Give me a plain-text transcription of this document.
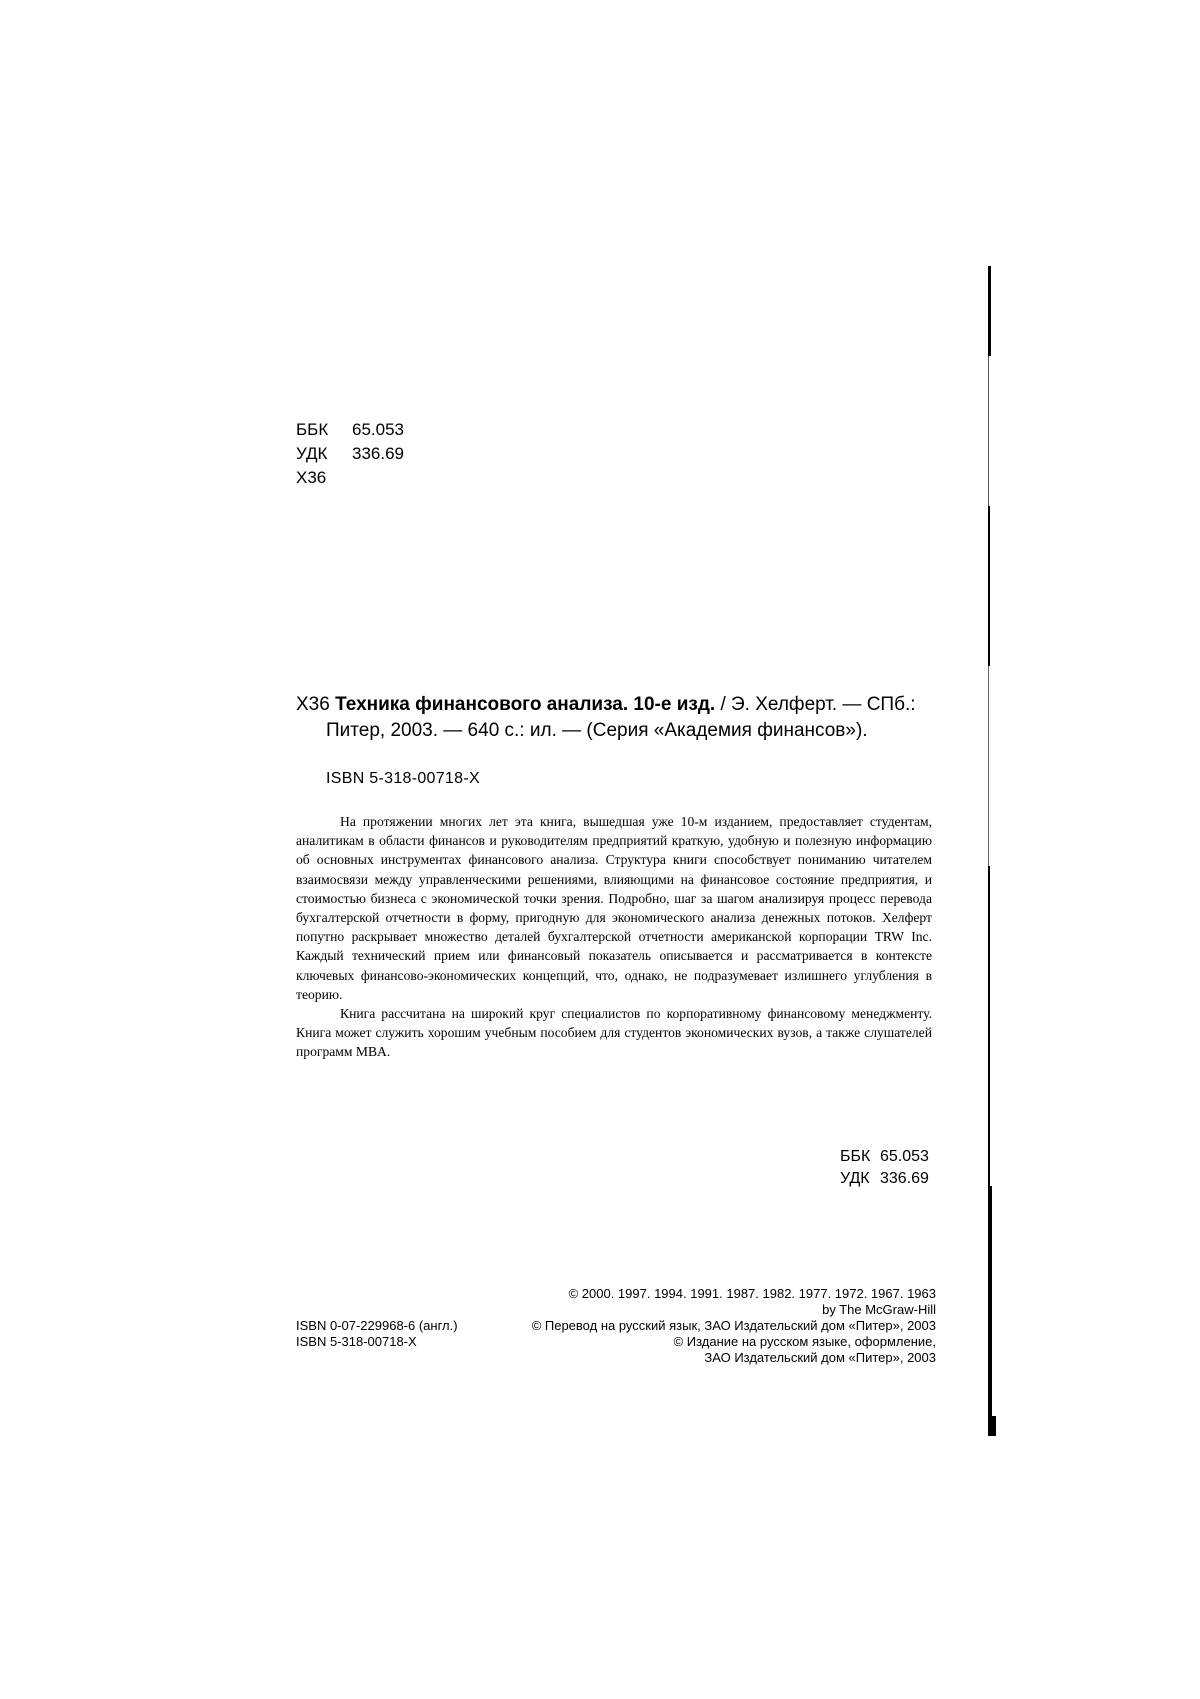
ББК	65.053
УДК	336.69
Х36
Х36 Техника финансового анализа. 10-е изд. / Э. Хелферт. — СПб.:
Питер, 2003. — 640 с.: ил. — (Серия «Академия финансов»).
ISBN 5-318-00718-X

На протяжении многих лет эта книга, вышедшая уже 10-м изданием, предоставляет студентам, аналитикам в области финансов и руководителям предприятий краткую, удобную и полезную информацию об основных инструментах финансового анализа. Структура книги способствует пониманию читателем взаимосвязи между управленческими решениями, влияющими на финансовое состояние предприятия, и стоимостью бизнеса с экономической точки зрения. Подробно, шаг за шагом анализируя процесс перевода бухгалтерской отчетности в форму, пригодную для экономического анализа денежных потоков. Хелферт попутно раскрывает множество деталей бухгалтерской отчетности американской корпорации TRW Inc. Каждый технический прием или финансовый показатель описывается и рассматривается в контексте ключевых финансово-экономических концепций, что, однако, не подразумевает излишнего углубления в теорию.

Книга рассчитана на широкий круг специалистов по корпоративному финансовому менеджменту. Книга может служить хорошим учебным пособием для студентов экономических вузов, а также слушателей программ MBA.

ББК 65.053
УДК 336.69
© 2000. 1997. 1994. 1991. 1987. 1982. 1977. 1972. 1967. 1963
by The McGraw-Hill
ISBN 0-07-229968-6 (англ.)	© Перевод на русский язык, ЗАО Издательский дом «Питер», 2003
ISBN 5-318-00718-X	© Издание на русском языке, оформление,
ЗАО Издательский дом «Питер», 2003
